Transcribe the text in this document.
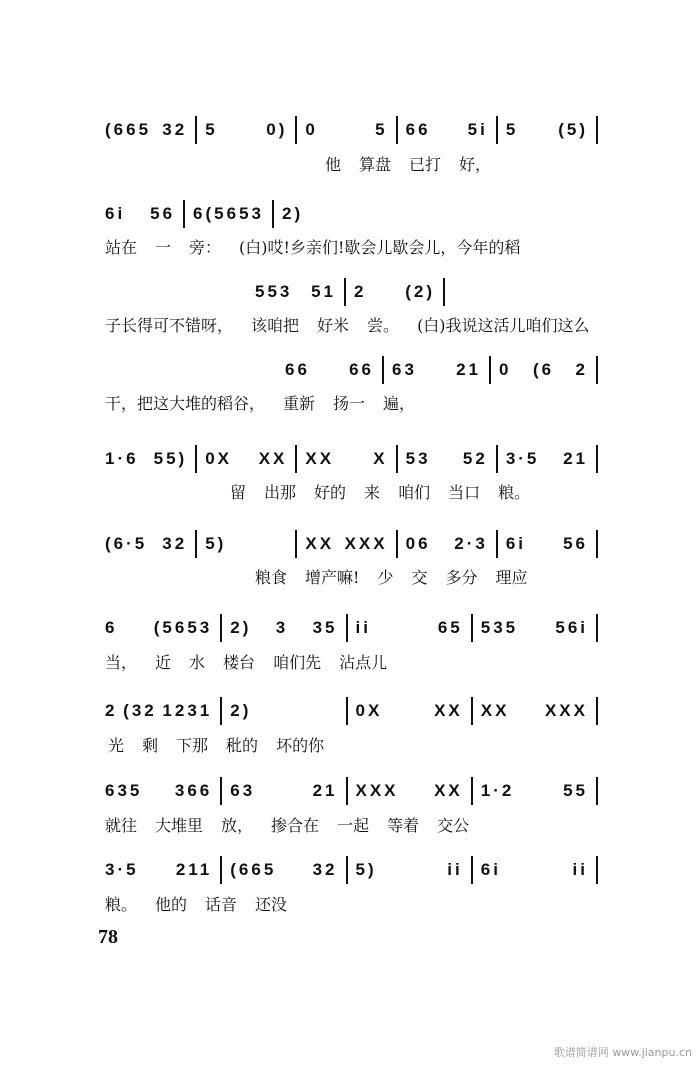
(665 32 5	0) 0	5 66 5i 5 (5)
他 算盘 已打 好，
6i 56 6 (5653 2)
站在 一 旁： (白)哎!乡亲们!歇会儿歇会儿，今年的稻
553 51 2 (2)
子长得可不错呀， 该咱把 好米 尝。 (白)我说这活儿咱们这么
66 66 63 21 0 (6 2
干，把这大堆的稻谷， 重新 扬一 遍，
1·6 55) 0X XX XX X 53 52 3·5 21
留 出那 好的 来 咱们 当口 粮。
(6·5 32 5)	XX XXX 06 2·3 6i 56
粮食 增产嘛! 少 交 多分 理应
6 (5653 2) 3 35 ii	65 535 56i
当， 近 水 楼台 咱们先 沾点儿
2 (32 1231 2)	0X	XX XX XXX
光 剩 下那 秕的 坏的你
635 366 63	21 XXX XX 1·2	55
就往 大堆里 放， 掺合在 一起 等着 交公
3·5 211 (665 32 5)	ii 6i	ii
粮。 他的 话音 还没
78
歌谱简谱网 www.jianpu.cn
